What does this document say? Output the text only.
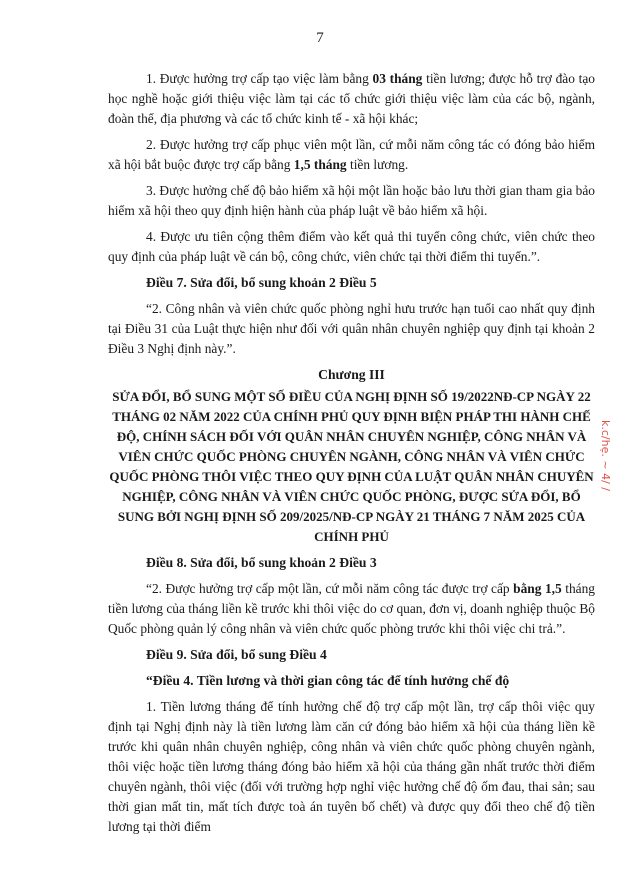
7

1. Được hưởng trợ cấp tạo việc làm bằng 03 tháng tiền lương; được hỗ trợ đào tạo học nghề hoặc giới thiệu việc làm tại các tổ chức giới thiệu việc làm của các bộ, ngành, đoàn thể, địa phương và các tổ chức kinh tế - xã hội khác;

2. Được hưởng trợ cấp phục viên một lần, cứ mỗi năm công tác có đóng bảo hiểm xã hội bắt buộc được trợ cấp bằng 1,5 tháng tiền lương.

3. Được hưởng chế độ bảo hiểm xã hội một lần hoặc bảo lưu thời gian tham gia bảo hiểm xã hội theo quy định hiện hành của pháp luật về bảo hiểm xã hội.

4. Được ưu tiên cộng thêm điểm vào kết quả thi tuyển công chức, viên chức theo quy định của pháp luật về cán bộ, công chức, viên chức tại thời điểm thi tuyển.”.

Điều 7. Sửa đổi, bổ sung khoản 2 Điều 5

“2. Công nhân và viên chức quốc phòng nghỉ hưu trước hạn tuổi cao nhất quy định tại Điều 31 của Luật thực hiện như đối với quân nhân chuyên nghiệp quy định tại khoản 2 Điều 3 Nghị định này.”.

Chương III

SỬA ĐỔI, BỔ SUNG MỘT SỐ ĐIỀU CỦA NGHỊ ĐỊNH SỐ 19/2022NĐ-CP NGÀY 22 THÁNG 02 NĂM 2022 CỦA CHÍNH PHỦ QUY ĐỊNH BIỆN PHÁP THI HÀNH CHẾ ĐỘ, CHÍNH SÁCH ĐỐI VỚI QUÂN NHÂN CHUYÊN NGHIỆP, CÔNG NHÂN VÀ VIÊN CHỨC QUỐC PHÒNG CHUYÊN NGÀNH, CÔNG NHÂN VÀ VIÊN CHỨC QUỐC PHÒNG THÔI VIỆC THEO QUY ĐỊNH CỦA LUẬT QUÂN NHÂN CHUYÊN NGHIỆP, CÔNG NHÂN VÀ VIÊN CHỨC QUỐC PHÒNG, ĐƯỢC SỬA ĐỔI, BỔ SUNG BỞI NGHỊ ĐỊNH SỐ 209/2025/NĐ-CP NGÀY 21 THÁNG 7 NĂM 2025 CỦA CHÍNH PHỦ

Điều 8. Sửa đổi, bổ sung khoản 2 Điều 3

“2. Được hưởng trợ cấp một lần, cứ mỗi năm công tác được trợ cấp bằng 1,5 tháng tiền lương của tháng liền kề trước khi thôi việc do cơ quan, đơn vị, doanh nghiệp thuộc Bộ Quốc phòng quản lý công nhân và viên chức quốc phòng trước khi thôi việc chi trả.”.

Điều 9. Sửa đổi, bổ sung Điều 4

“Điều 4. Tiền lương và thời gian công tác để tính hưởng chế độ

1. Tiền lương tháng để tính hưởng chế độ trợ cấp một lần, trợ cấp thôi việc quy định tại Nghị định này là tiền lương làm căn cứ đóng bảo hiểm xã hội của tháng liền kề trước khi quân nhân chuyên nghiệp, công nhân và viên chức quốc phòng chuyên ngành, thôi việc hoặc tiền lương tháng đóng bảo hiểm xã hội của tháng gần nhất trước thời điểm chuyên ngành, thôi việc (đối với trường hợp nghỉ việc hưởng chế độ ốm đau, thai sản; sau thời gian mất tin, mất tích được toà án tuyên bố chết) và được quy đổi theo chế độ tiền lương tại thời điểm

k.c/hẹ. ~ 4/ /
